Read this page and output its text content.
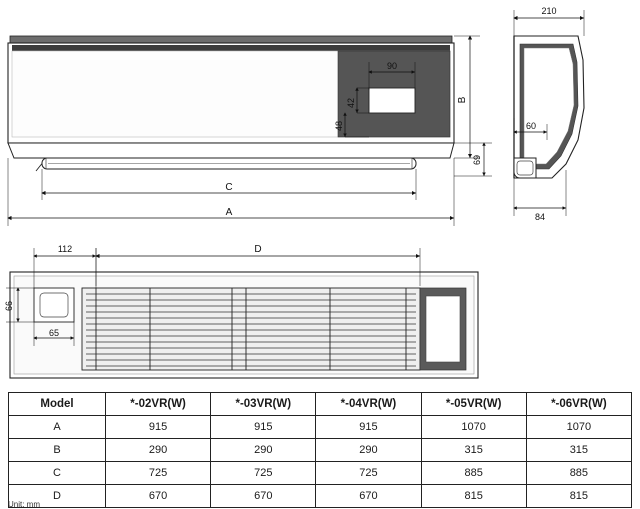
90
42
48
B
69
C
A
210
60
84
112	D
66
65
Model	*-02VR(W)	*-03VR(W)	*-04VR(W)	*-05VR(W)	*-06VR(W)
A	915	915	915	1070	1070
B	290	290	290	315	315
C	725	725	725	885	885
D	670	670	670	815	815
Unit: mm
